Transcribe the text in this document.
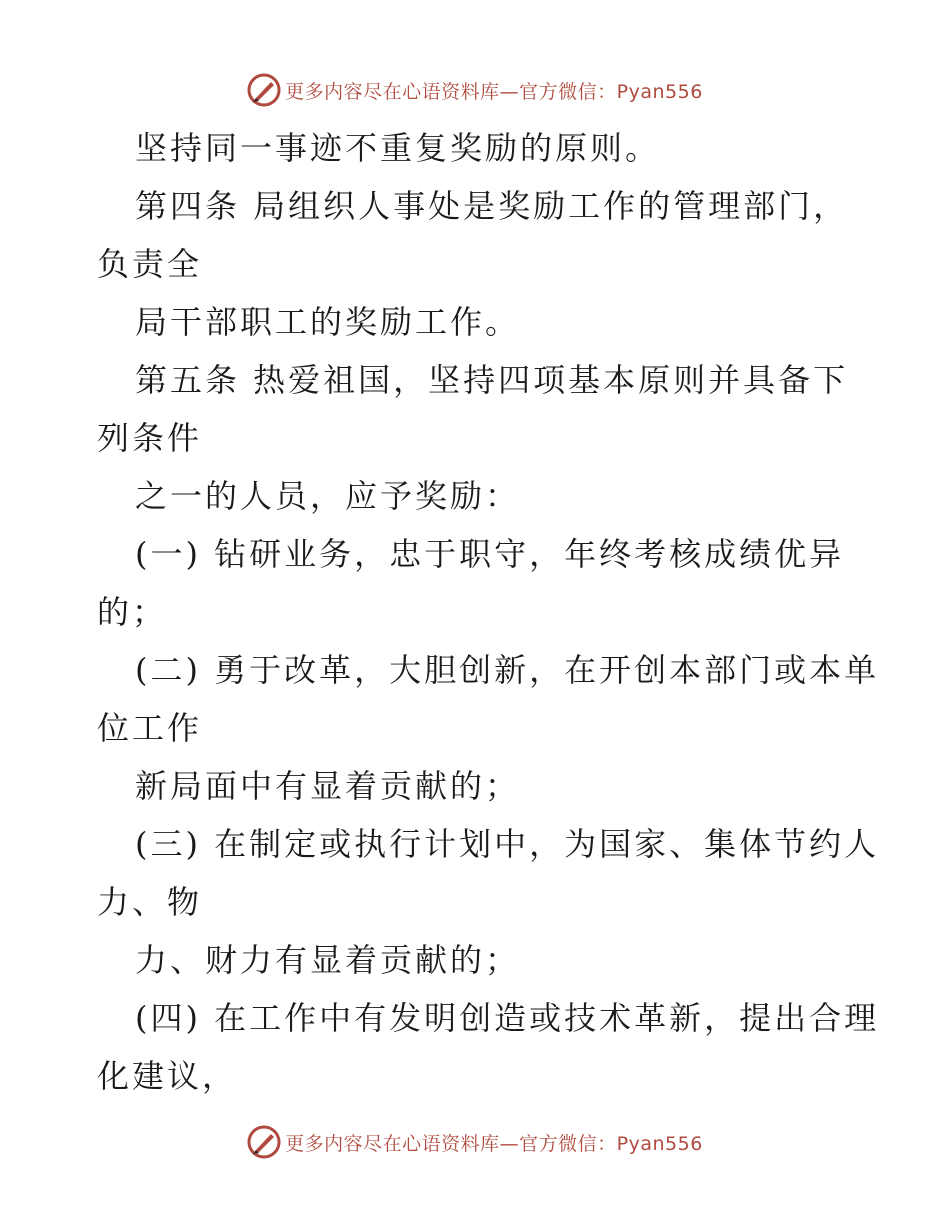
更多内容尽在心语资料库—官方微信：Pyan556
坚持同一事迹不重复奖励的原则。
第四条 局组织人事处是奖励工作的管理部门，
负责全
局干部职工的奖励工作。
第五条 热爱祖国，坚持四项基本原则并具备下
列条件
之一的人员，应予奖励：
(一) 钻研业务，忠于职守，年终考核成绩优异
的；
(二) 勇于改革，大胆创新，在开创本部门或本单
位工作
新局面中有显着贡献的；
(三) 在制定或执行计划中，为国家、集体节约人
力、物
力、财力有显着贡献的；
(四) 在工作中有发明创造或技术革新，提出合理
化建议，
更多内容尽在心语资料库—官方微信：Pyan556
